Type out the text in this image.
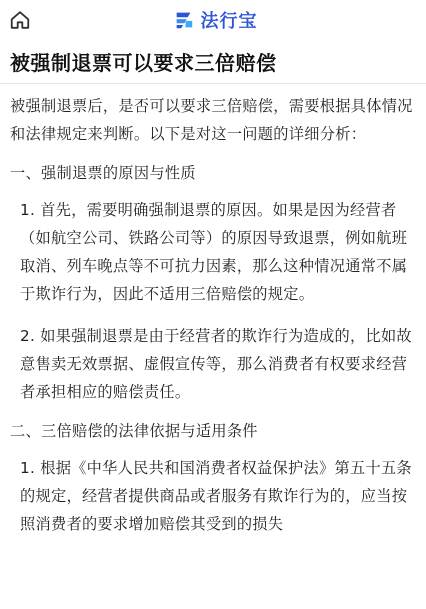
法行宝
被强制退票可以要求三倍赔偿
被强制退票后，是否可以要求三倍赔偿，需要根据具体情况和法律规定来判断。以下是对这一问题的详细分析：
一、强制退票的原因与性质
1. 首先，需要明确强制退票的原因。如果是因为经营者（如航空公司、铁路公司等）的原因导致退票，例如航班取消、列车晚点等不可抗力因素，那么这种情况通常不属于欺诈行为，因此不适用三倍赔偿的规定。
2. 如果强制退票是由于经营者的欺诈行为造成的，比如故意售卖无效票据、虚假宣传等，那么消费者有权要求经营者承担相应的赔偿责任。
二、三倍赔偿的法律依据与适用条件
1. 根据《中华人民共和国消费者权益保护法》第五十五条的规定，经营者提供商品或者服务有欺诈行为的，应当按照消费者的要求增加赔偿其受到的损失
